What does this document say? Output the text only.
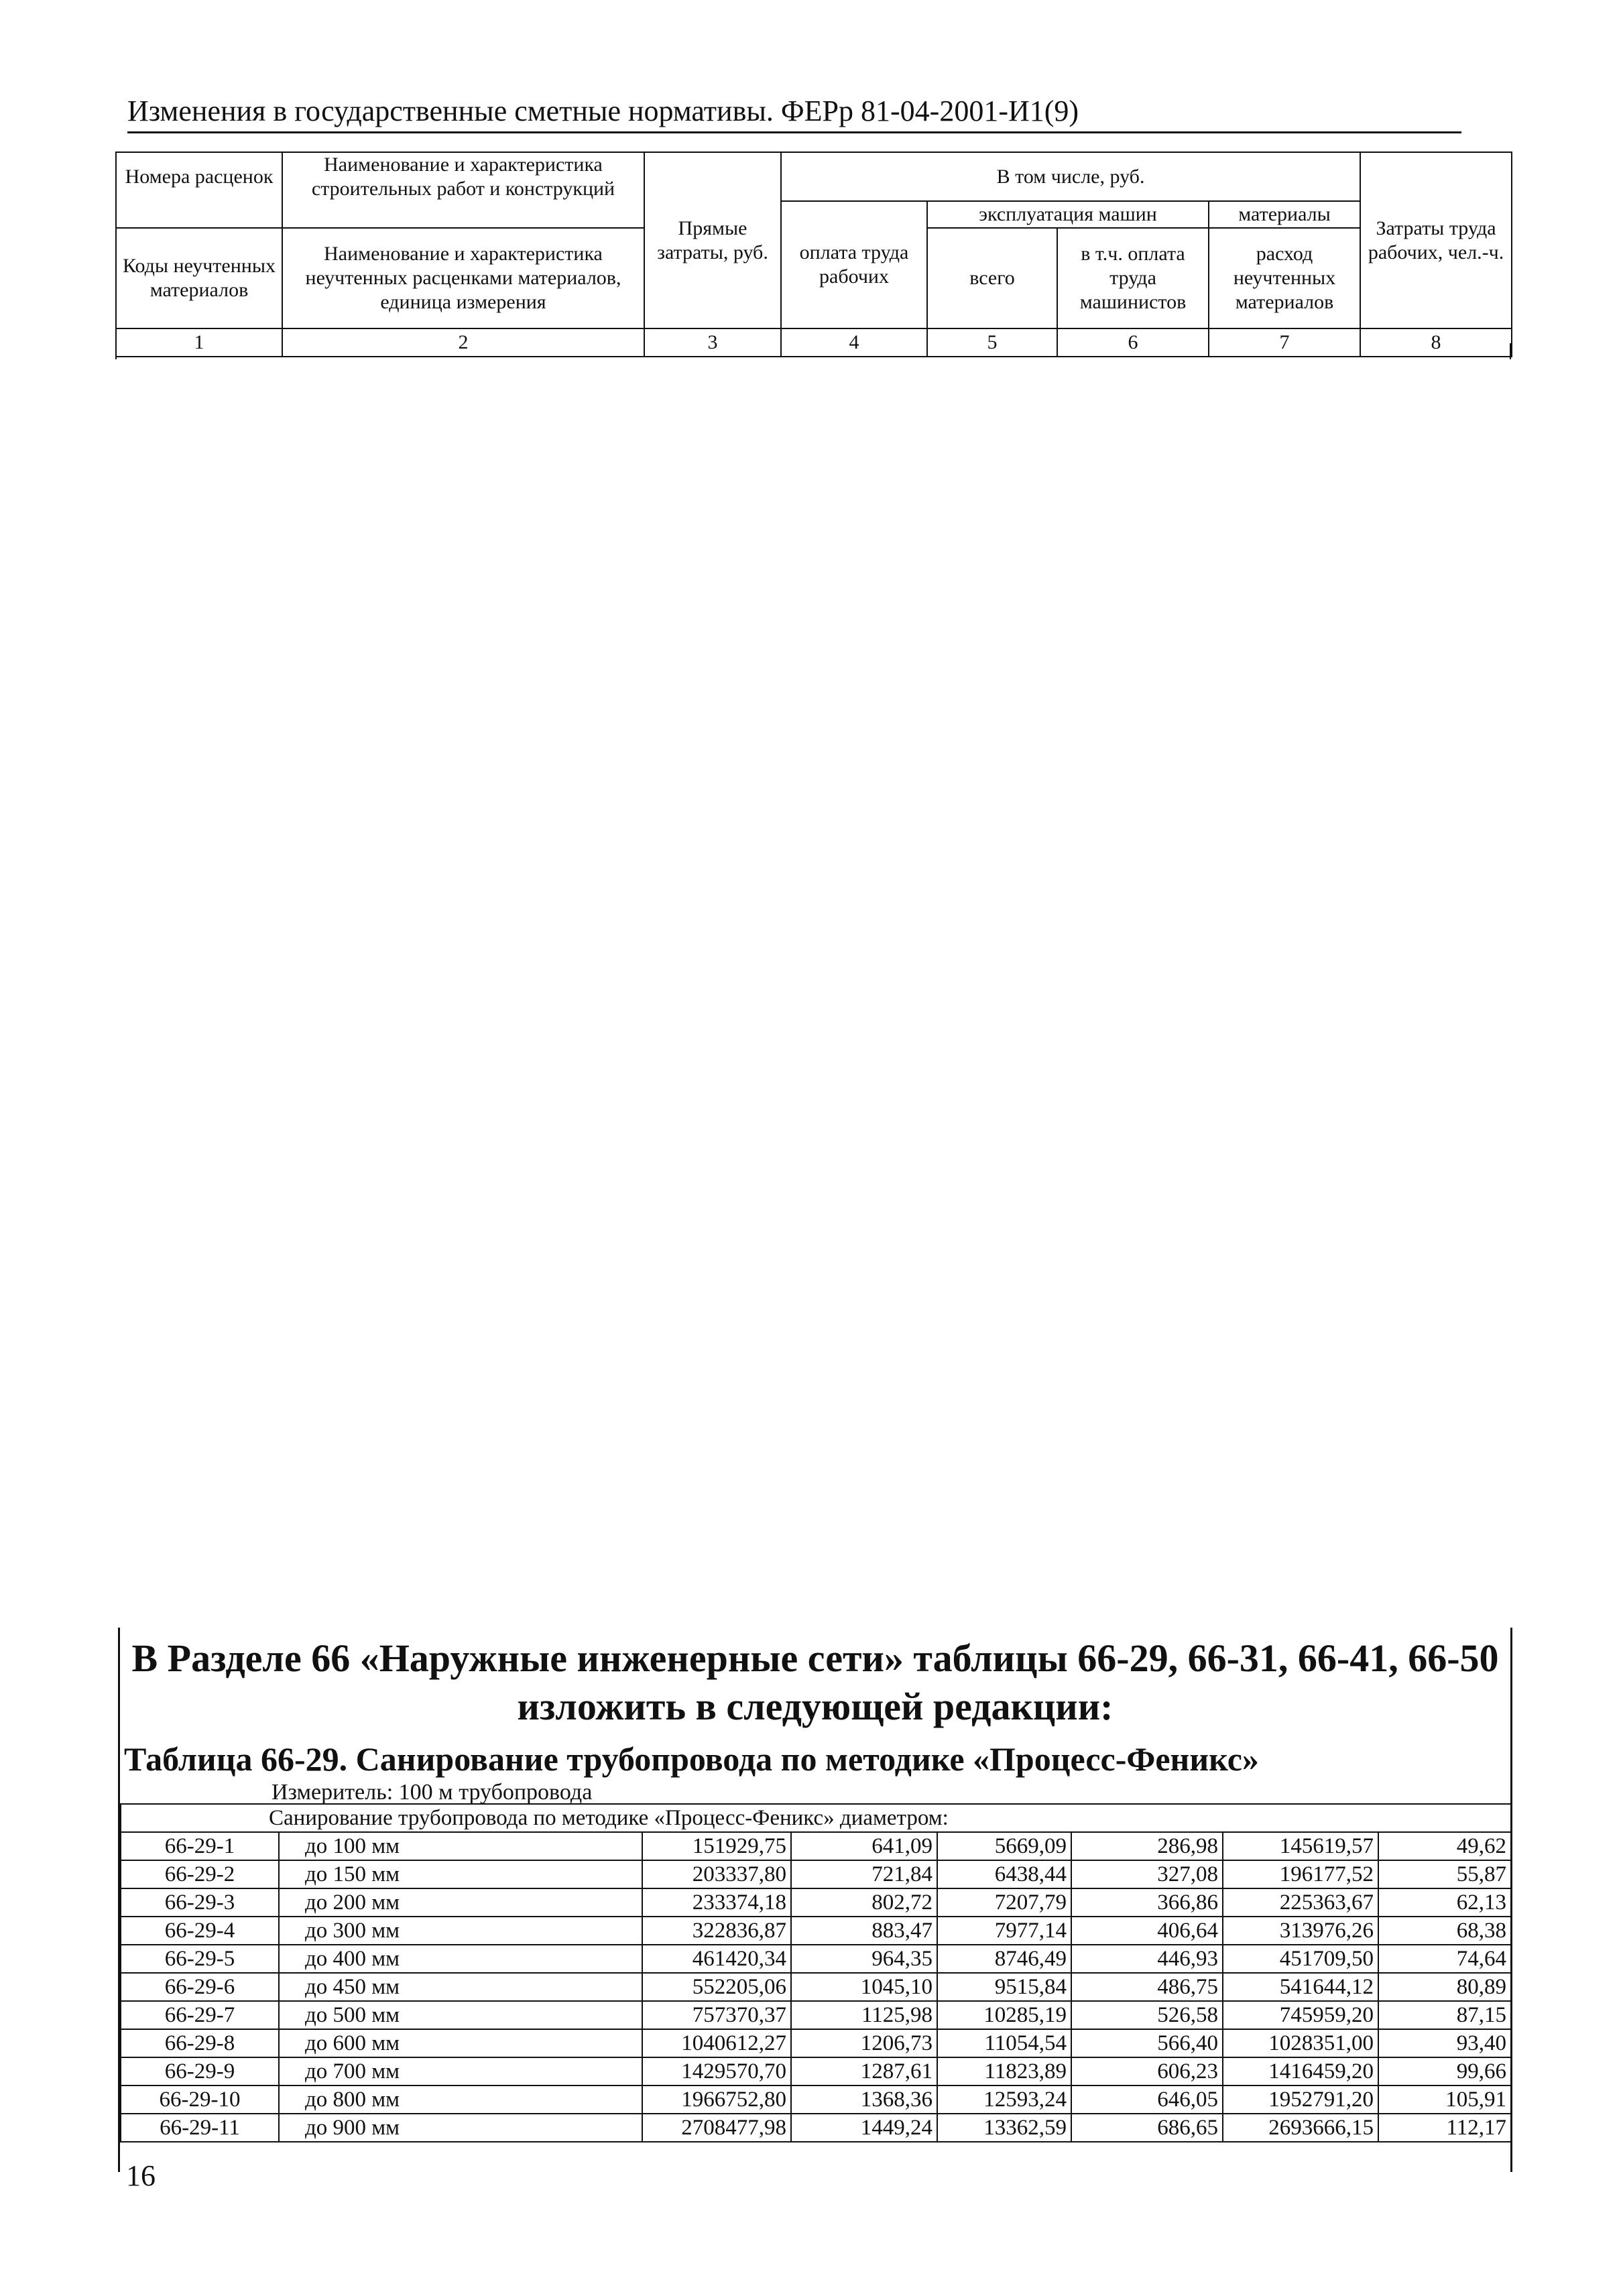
Изменения в государственные сметные нормативы. ФЕРр 81-04-2001-И1(9)
Номера расценок	Наименование и характеристика строительных работ и конструкций	Прямые затраты, руб.	В том числе, руб.				Затраты труда рабочих, чел.-ч.
			оплата труда рабочих	эксплуатация машин		материалы	
Коды неучтенных материалов	Наименование и характеристика неучтенных расценками материалов, единица измерения			всего	в т.ч. оплата труда машинистов	расход неучтенных материалов	
1	2	3	4	5	6	7	8
В Разделе 66 «Наружные инженерные сети» таблицы 66-29, 66-31, 66-41, 66-50 изложить в следующей редакции:
Таблица 66-29. Санирование трубопровода по методике «Процесс-Феникс»
Измеритель: 100 м трубопровода
Санирование трубопровода по методике «Процесс-Феникс» диаметром:							
66-29-1	до 100 мм	151929,75	641,09	5669,09	286,98	145619,57	49,62
66-29-2	до 150 мм	203337,80	721,84	6438,44	327,08	196177,52	55,87
66-29-3	до 200 мм	233374,18	802,72	7207,79	366,86	225363,67	62,13
66-29-4	до 300 мм	322836,87	883,47	7977,14	406,64	313976,26	68,38
66-29-5	до 400 мм	461420,34	964,35	8746,49	446,93	451709,50	74,64
66-29-6	до 450 мм	552205,06	1045,10	9515,84	486,75	541644,12	80,89
66-29-7	до 500 мм	757370,37	1125,98	10285,19	526,58	745959,20	87,15
66-29-8	до 600 мм	1040612,27	1206,73	11054,54	566,40	1028351,00	93,40
66-29-9	до 700 мм	1429570,70	1287,61	11823,89	606,23	1416459,20	99,66
66-29-10	до 800 мм	1966752,80	1368,36	12593,24	646,05	1952791,20	105,91
66-29-11	до 900 мм	2708477,98	1449,24	13362,59	686,65	2693666,15	112,17
16
